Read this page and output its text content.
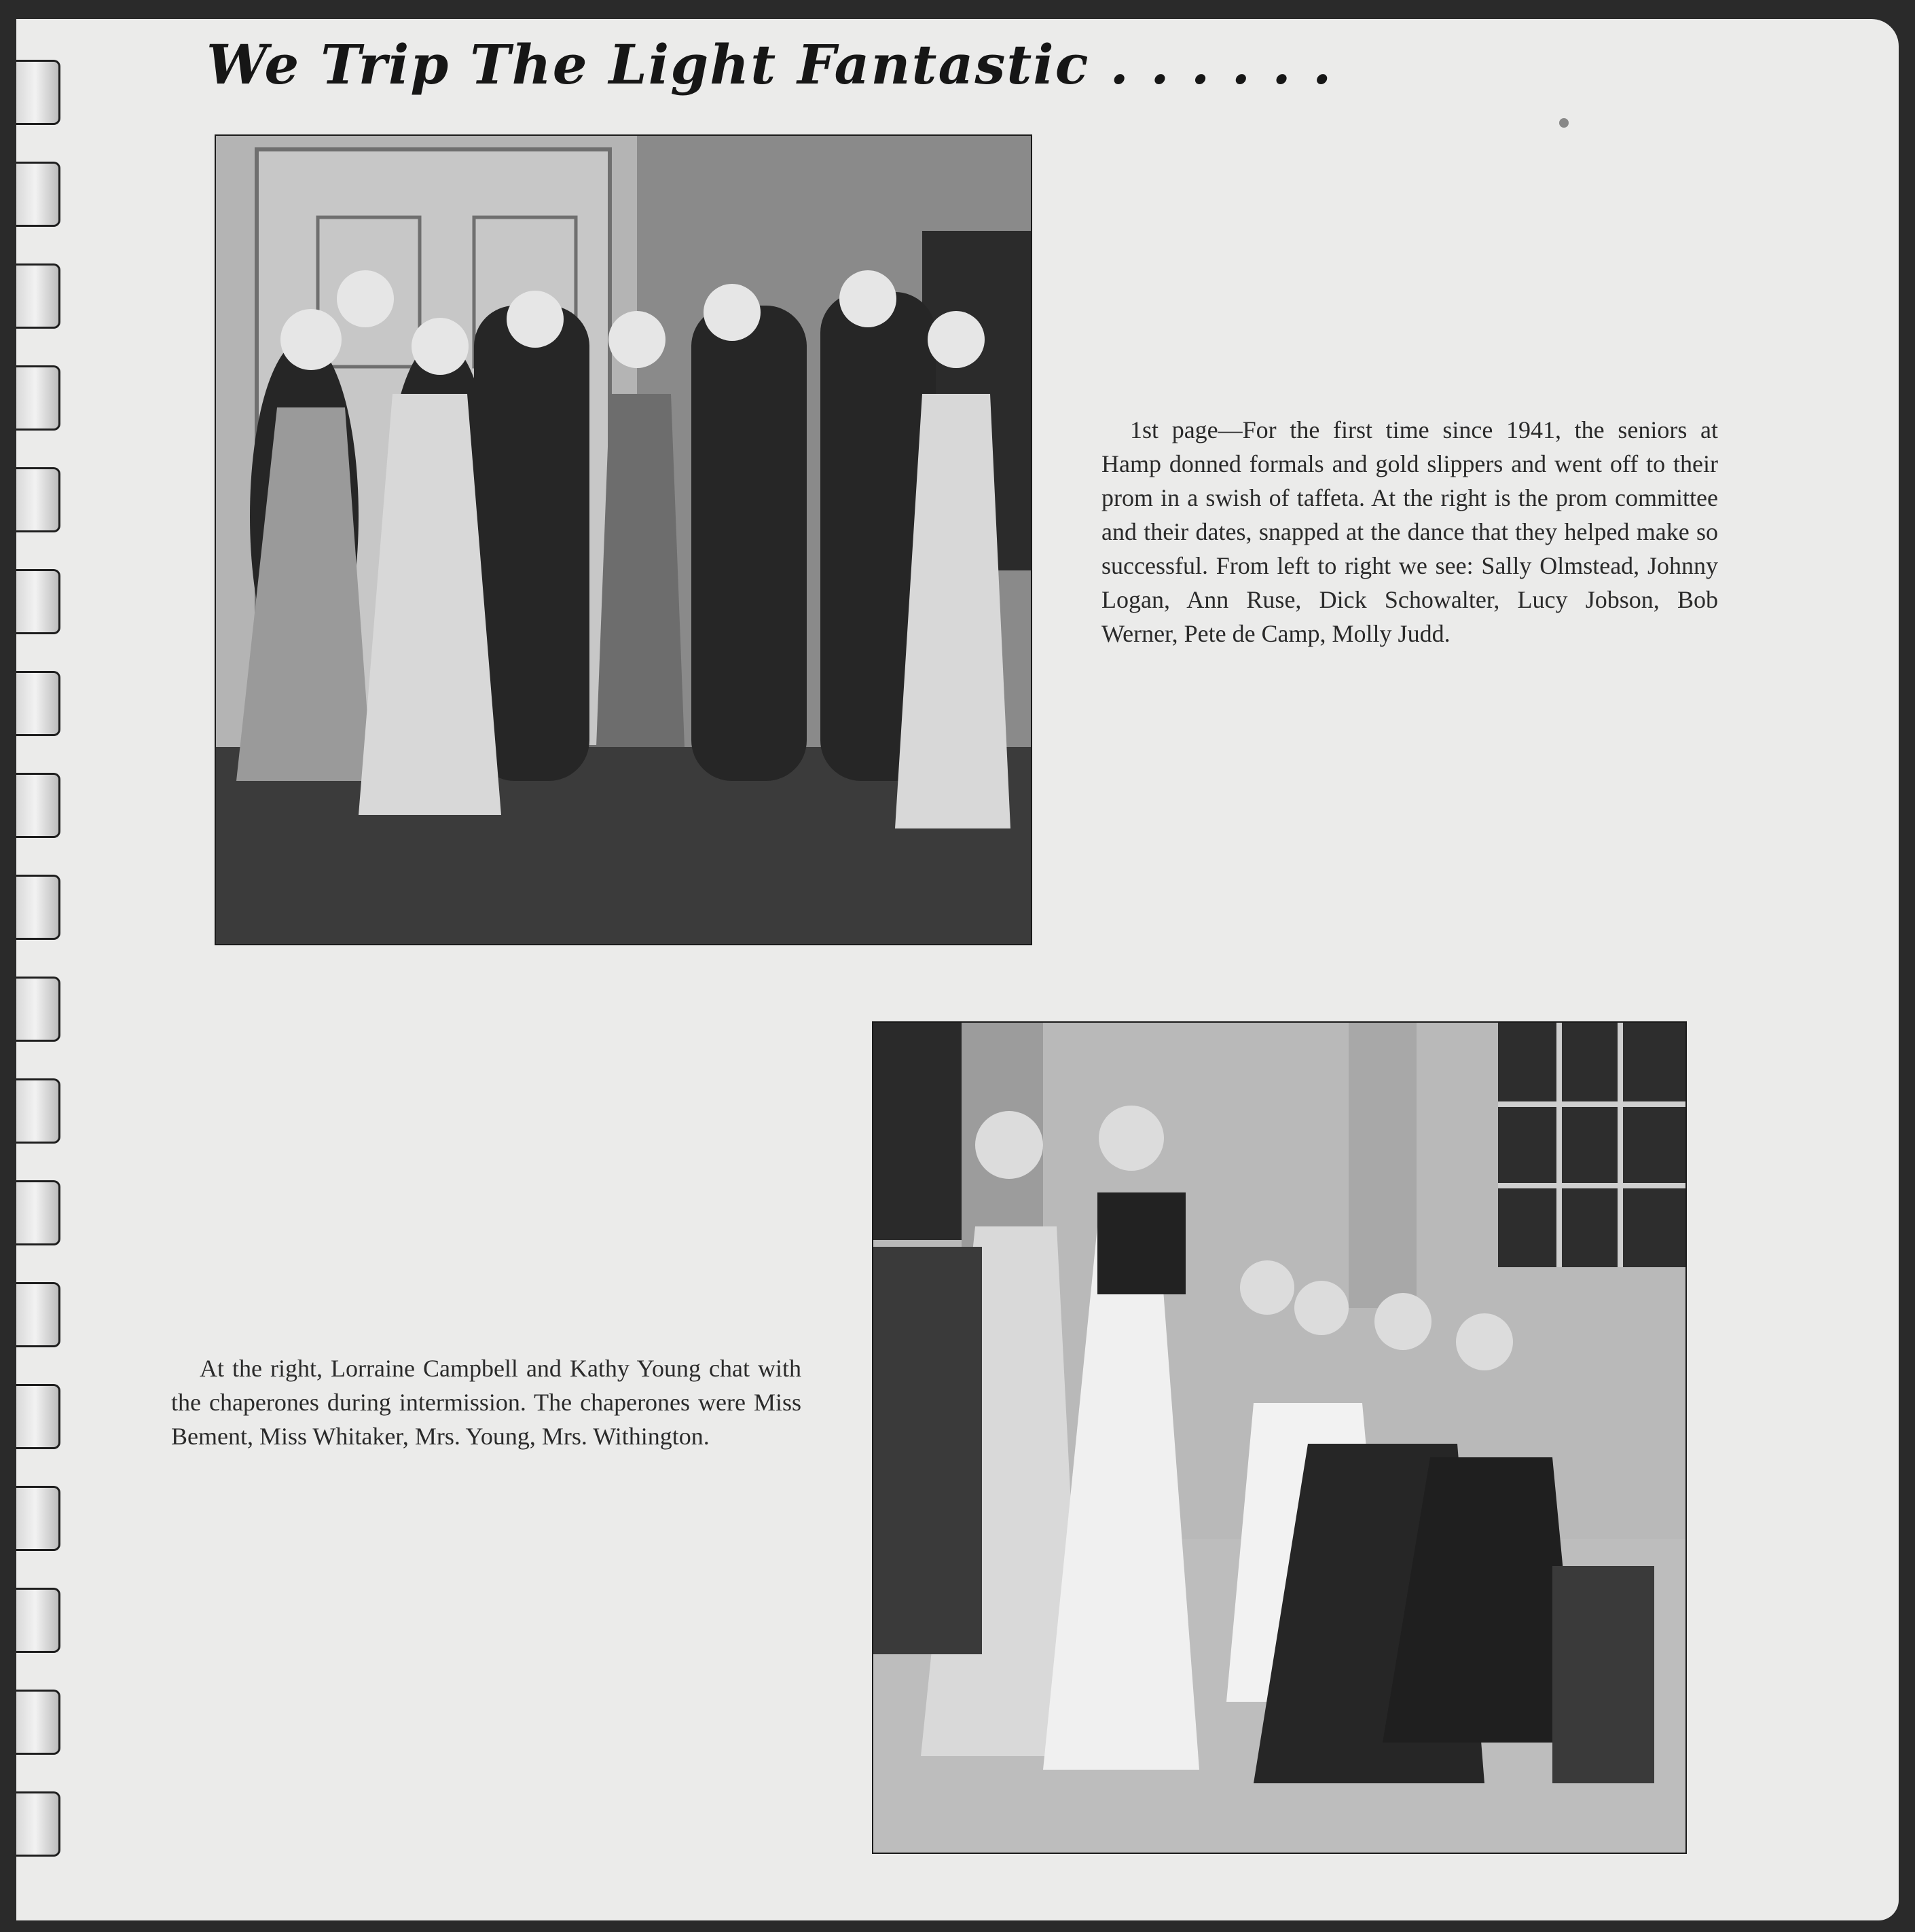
We Trip The Light Fantastic . . . . . .

1st page—For the first time since 1941, the seniors at Hamp donned formals and gold slippers and went off to their prom in a swish of taffeta. At the right is the prom committee and their dates, snapped at the dance that they helped make so successful. From left to right we see: Sally Olmstead, Johnny Logan, Ann Ruse, Dick Schowalter, Lucy Jobson, Bob Werner, Pete de Camp, Molly Judd.

At the right, Lorraine Campbell and Kathy Young chat with the chaperones during intermission. The chaperones were Miss Bement, Miss Whitaker, Mrs. Young, Mrs. Withington.
